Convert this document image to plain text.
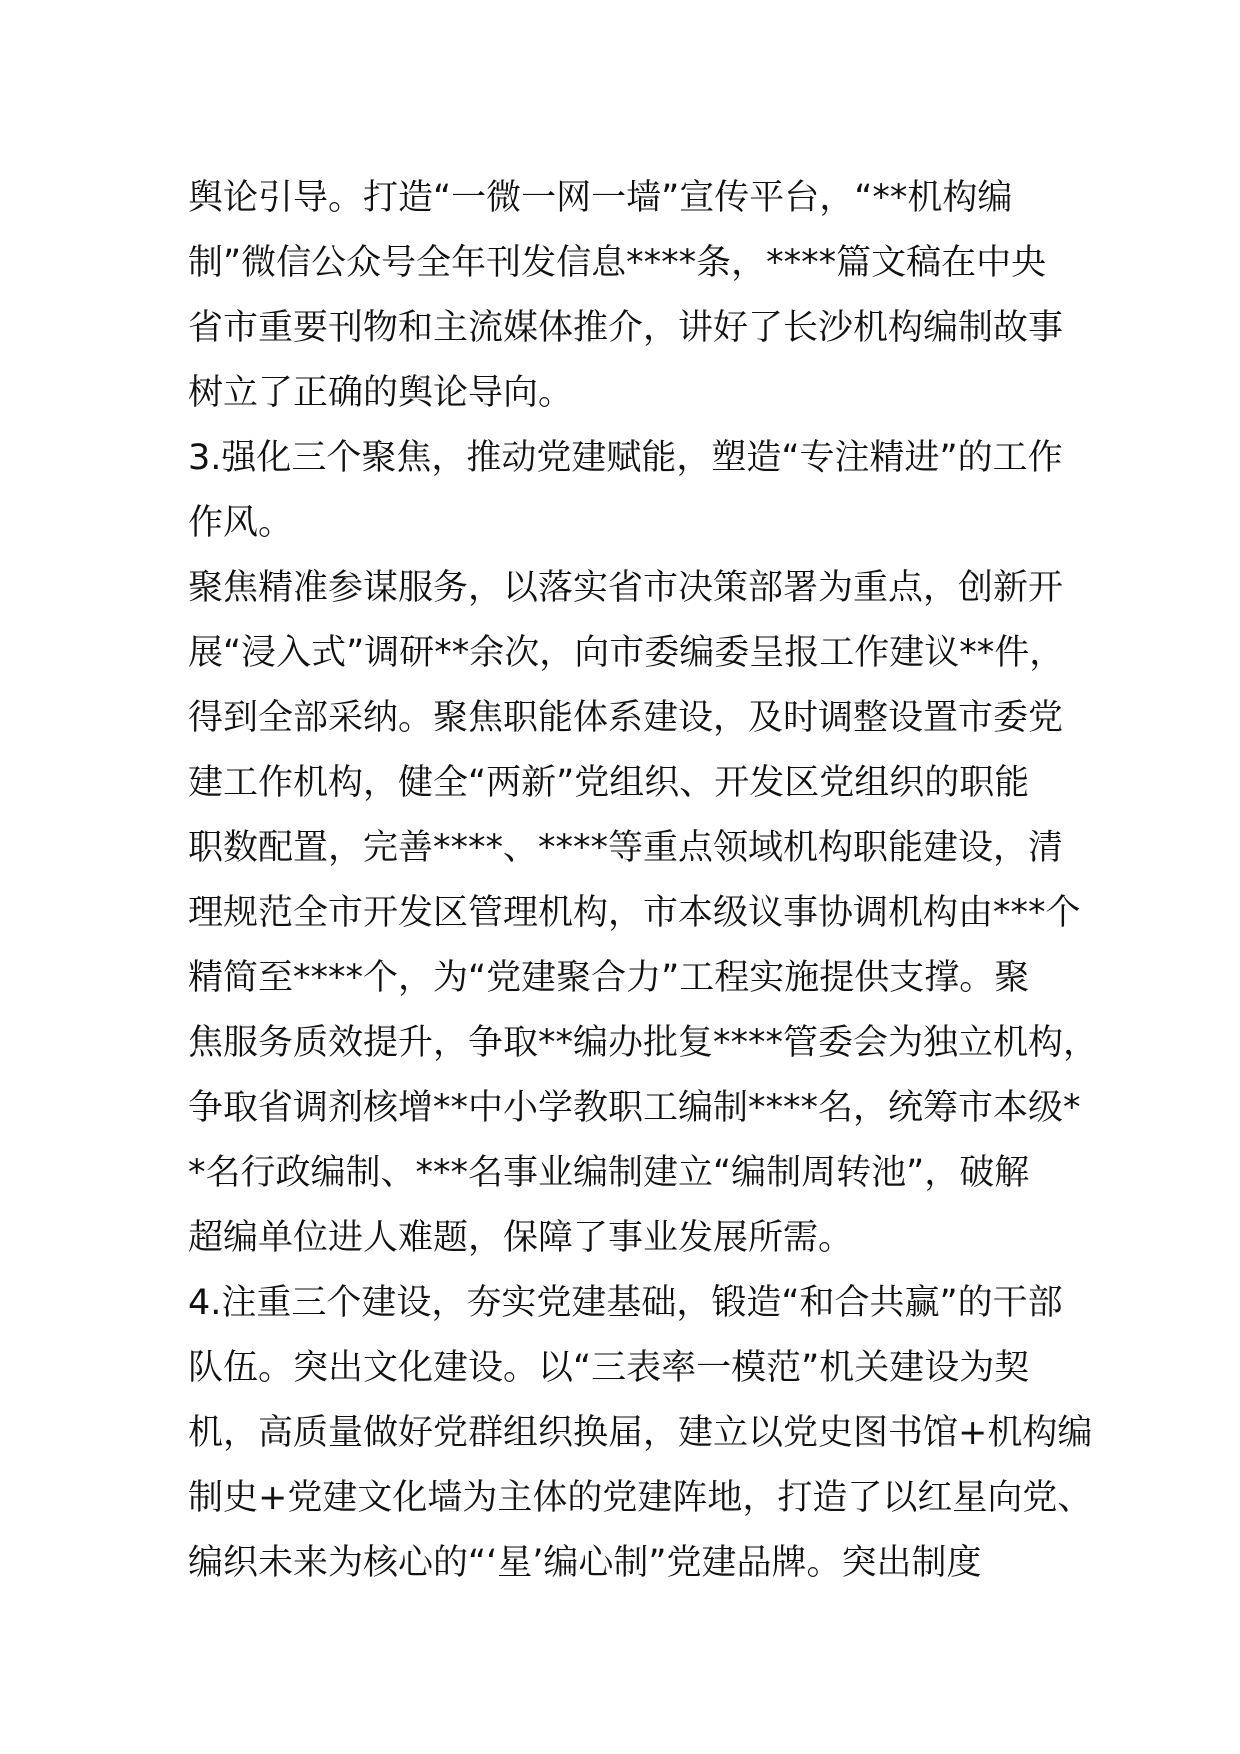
舆论引导。打造“一微一网一墙”宣传平台，“**机构编
制”微信公众号全年刊发信息****条，****篇文稿在中央
省市重要刊物和主流媒体推介，讲好了长沙机构编制故事
树立了正确的舆论导向。
3.强化三个聚焦，推动党建赋能，塑造“专注精进”的工作
作风。
聚焦精准参谋服务，以落实省市决策部署为重点，创新开
展“浸入式”调研**余次，向市委编委呈报工作建议**件，
得到全部采纳。聚焦职能体系建设，及时调整设置市委党
建工作机构，健全“两新”党组织、开发区党组织的职能
职数配置，完善****、****等重点领域机构职能建设，清
理规范全市开发区管理机构，市本级议事协调机构由***个
精简至****个，为“党建聚合力”工程实施提供支撑。聚
焦服务质效提升，争取**编办批复****管委会为独立机构，
争取省调剂核增**中小学教职工编制****名，统筹市本级*
*名行政编制、***名事业编制建立“编制周转池”，破解
超编单位进人难题，保障了事业发展所需。
4.注重三个建设，夯实党建基础，锻造“和合共赢”的干部
队伍。突出文化建设。以“三表率一模范”机关建设为契
机，高质量做好党群组织换届，建立以党史图书馆+机构编
制史+党建文化墙为主体的党建阵地，打造了以红星向党、
编织未来为核心的“‘星’编心制”党建品牌。突出制度
